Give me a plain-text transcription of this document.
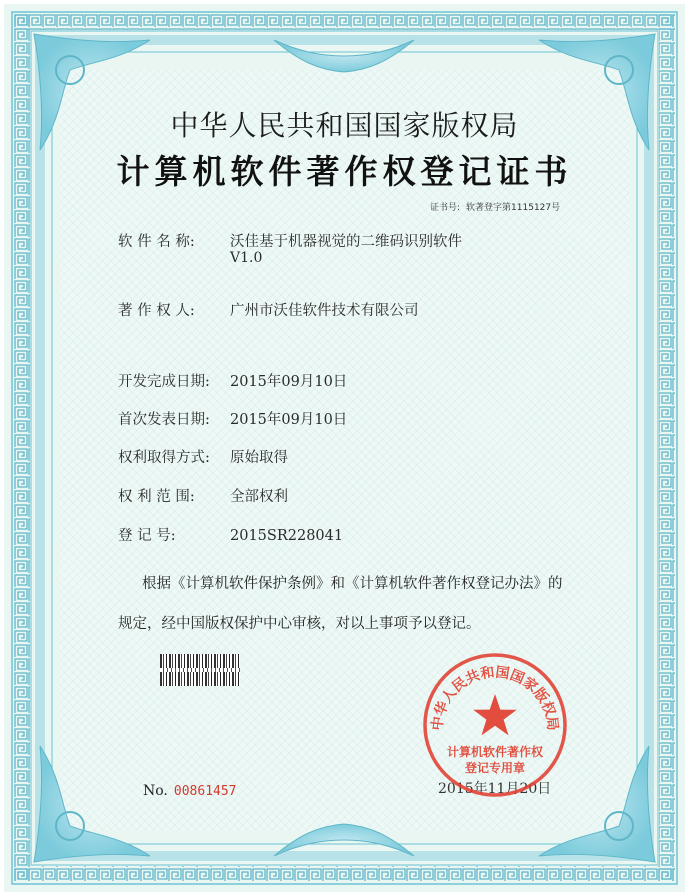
中华人民共和国国家版权局
计算机软件著作权登记证书
证书号: 软著登字第1115127号
软 件 名 称: 沃佳基于机器视觉的二维码识别软件
V1.0
著 作 权 人: 广州市沃佳软件技术有限公司
开发完成日期: 2015年09月10日
首次发表日期: 2015年09月10日
权利取得方式: 原始取得
权 利 范 围: 全部权利
登 记 号:	2015SR228041
根据《计算机软件保护条例》和《计算机软件著作权登记办法》的
规定，经中国版权保护中心审核，对以上事项予以登记。
No. 00861457	2015年11月20日
中华人民共和国国家版权局
计算机软件著作权
登记专用章
